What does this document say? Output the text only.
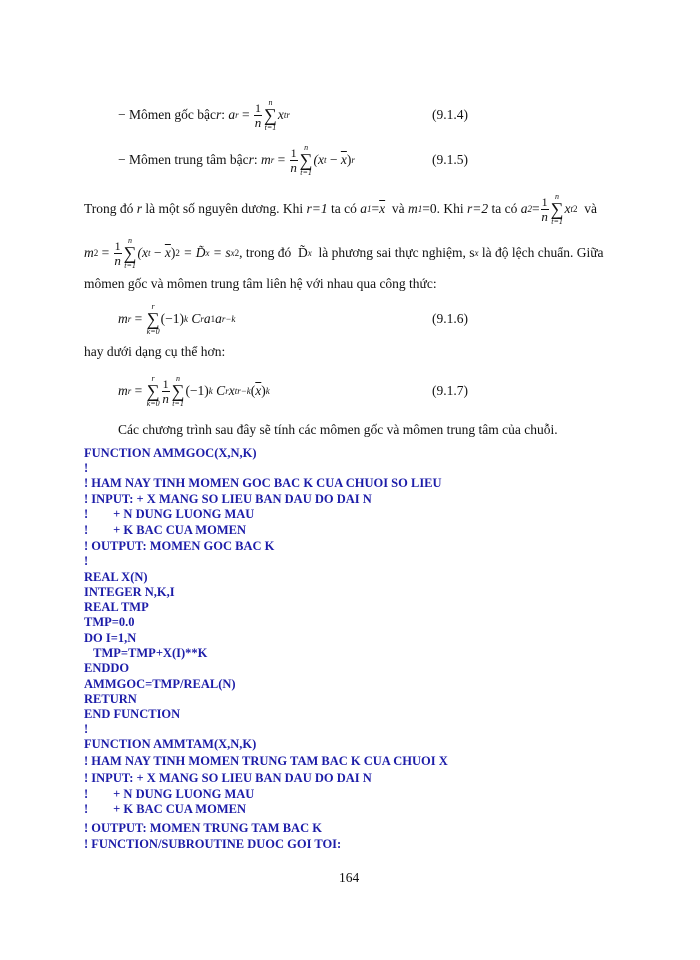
− Mômen gốc bậc r : a $r = \frac{1}{n}$ n
∑
t=1
x t r	(9.1.4)
− Mômen trung tâm bậc r : m $r = \frac{1}{n}$ n
∑
t=1
(x $t - \overline{x}$ ) r	(9.1.5)
Trong đó r là một số nguyên dương. Khi r=1 ta có a $1 = \overline{x}$ và m 1 =0. Khi r=2 ta có a $2 = \frac{1}{n}$ n
∑
t=1
x t 2 và
m $2 = \frac{1}{n}$ n
∑
t=1
(x $t - \overline{x}$ ) 2 = D̃ x = s x 2 , trong đó  D̃ x là phương sai thực nghiệm, s x là độ lệch chuẩn. Giữa
mômen gốc và mômen trung tâm liên hệ với nhau qua công thức:
m r =
r
∑
k=0
(−1) k
C r a 1 a r−k	(9.1.6)
hay dưới dạng cụ thể hơn:
m r =
r
∑
$k=0 \frac{1}{n}$ n
∑
t=1
(−1) k
C r x t r−k ( $\overline{x}$ ) k	(9.1.7)
Các chương trình sau đây sẽ tính các mômen gốc và mômen trung tâm của chuỗi.
FUNCTION AMMGOC(X,N,K)
!
! HAM NAY TINH MOMEN GOC BAC K CUA CHUOI SO LIEU
! INPUT: + X MANG SO LIEU BAN DAU DO DAI N
!        + N DUNG LUONG MAU
!        + K BAC CUA MOMEN
! OUTPUT: MOMEN GOC BAC K
!
REAL X(N)
INTEGER N,K,I
REAL TMP
TMP=0.0
DO I=1,N
TMP=TMP+X(I)**K
ENDDO
AMMGOC=TMP/REAL(N)
RETURN
END FUNCTION
!
FUNCTION AMMTAM(X,N,K)
! HAM NAY TINH MOMEN TRUNG TAM BAC K CUA CHUOI X
! INPUT: + X MANG SO LIEU BAN DAU DO DAI N
!        + N DUNG LUONG MAU
!        + K BAC CUA MOMEN
! OUTPUT: MOMEN TRUNG TAM BAC K
! FUNCTION/SUBROUTINE DUOC GOI TOI:
164
